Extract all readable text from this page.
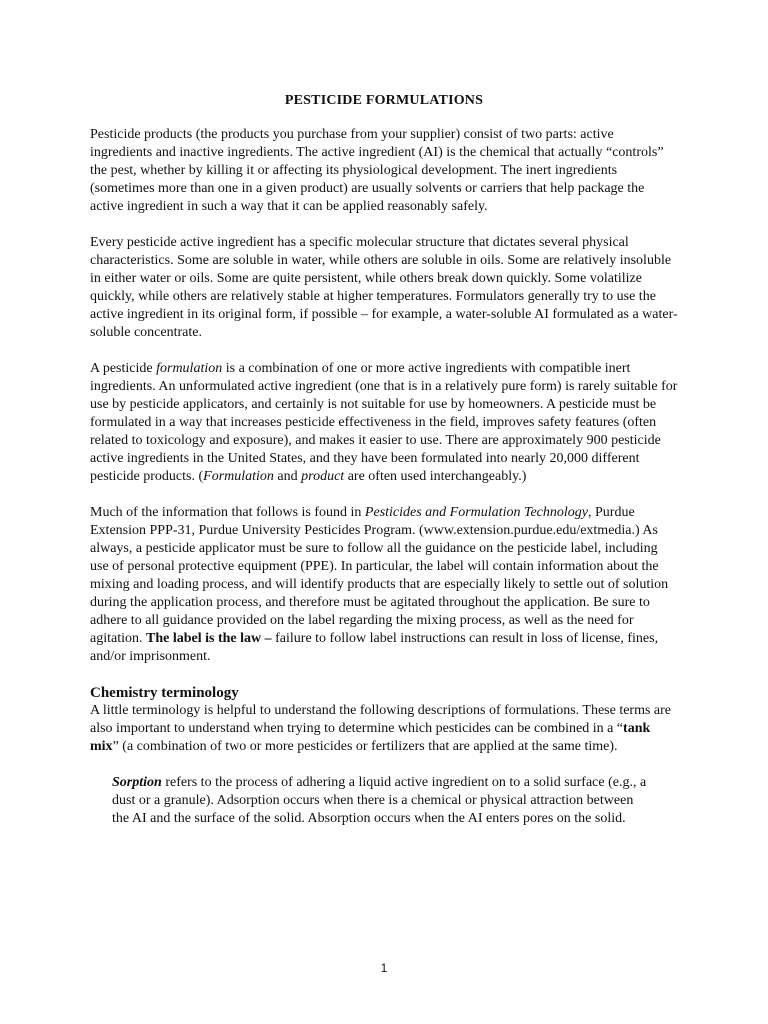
PESTICIDE FORMULATIONS

Pesticide products (the products you purchase from your supplier) consist of two parts: active ingredients and inactive ingredients. The active ingredient (AI) is the chemical that actually “controls” the pest, whether by killing it or affecting its physiological development. The inert ingredients (sometimes more than one in a given product) are usually solvents or carriers that help package the active ingredient in such a way that it can be applied reasonably safely.

Every pesticide active ingredient has a specific molecular structure that dictates several physical characteristics. Some are soluble in water, while others are soluble in oils. Some are relatively insoluble in either water or oils. Some are quite persistent, while others break down quickly. Some volatilize quickly, while others are relatively stable at higher temperatures. Formulators generally try to use the active ingredient in its original form, if possible – for example, a water-soluble AI formulated as a water-soluble concentrate.

A pesticide formulation is a combination of one or more active ingredients with compatible inert ingredients. An unformulated active ingredient (one that is in a relatively pure form) is rarely suitable for use by pesticide applicators, and certainly is not suitable for use by homeowners. A pesticide must be formulated in a way that increases pesticide effectiveness in the field, improves safety features (often related to toxicology and exposure), and makes it easier to use. There are approximately 900 pesticide active ingredients in the United States, and they have been formulated into nearly 20,000 different pesticide products. (Formulation and product are often used interchangeably.)

Much of the information that follows is found in Pesticides and Formulation Technology, Purdue Extension PPP-31, Purdue University Pesticides Program. (www.extension.purdue.edu/extmedia.) As always, a pesticide applicator must be sure to follow all the guidance on the pesticide label, including use of personal protective equipment (PPE). In particular, the label will contain information about the mixing and loading process, and will identify products that are especially likely to settle out of solution during the application process, and therefore must be agitated throughout the application. Be sure to adhere to all guidance provided on the label regarding the mixing process, as well as the need for agitation. The label is the law – failure to follow label instructions can result in loss of license, fines, and/or imprisonment.

Chemistry terminology

A little terminology is helpful to understand the following descriptions of formulations. These terms are also important to understand when trying to determine which pesticides can be combined in a “tank mix” (a combination of two or more pesticides or fertilizers that are applied at the same time).

Sorption refers to the process of adhering a liquid active ingredient on to a solid surface (e.g., a dust or a granule). Adsorption occurs when there is a chemical or physical attraction between the AI and the surface of the solid. Absorption occurs when the AI enters pores on the solid.

1
